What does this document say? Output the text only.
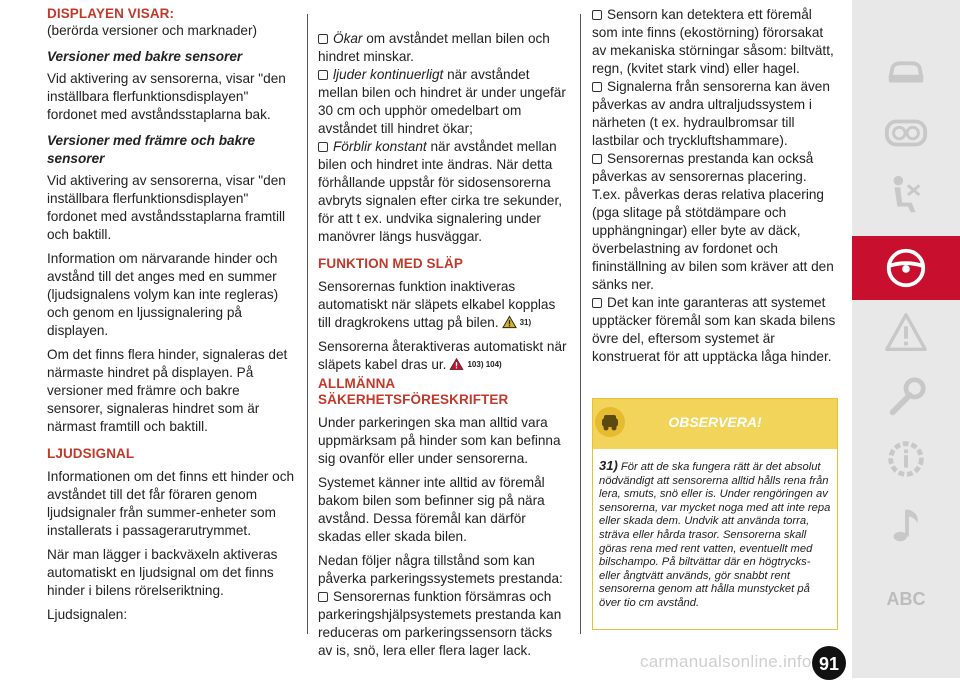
DISPLAYEN VISAR:

(berörda versioner och marknader)

Versioner med bakre sensorer

Vid aktivering av sensorerna, visar "den inställbara flerfunktionsdisplayen" fordonet med avståndsstaplarna bak.

Versioner med främre och bakre sensorer

Vid aktivering av sensorerna, visar "den inställbara flerfunktionsdisplayen" fordonet med avståndsstaplarna framtill och baktill.

Information om närvarande hinder och avstånd till det anges med en summer (ljudsignalens volym kan inte regleras) och genom en ljussignalering på displayen.

Om det finns flera hinder, signaleras det närmaste hindret på displayen. På versioner med främre och bakre sensorer, signaleras hindret som är närmast framtill och baktill.

LJUDSIGNAL

Informationen om det finns ett hinder och avståndet till det får föraren genom ljudsignaler från summer-enheter som installerats i passagerarutrymmet.

När man lägger i backväxeln aktiveras automatiskt en ljudsignal om det finns hinder i bilens rörelseriktning.

Ljudsignalen:

Ökar om avståndet mellan bilen och hindret minskar.

ljuder kontinuerligt när avståndet mellan bilen och hindret är under ungefär 30 cm och upphör omedelbart om avståndet till hindret ökar;

Förblir konstant när avståndet mellan bilen och hindret inte ändras. När detta förhållande uppstår för sidosensorerna avbryts signalen efter cirka tre sekunder, för att t ex. undvika signalering under manövrer längs husväggar.

FUNKTION MED SLÄP

Sensorernas funktion inaktiveras automatiskt när släpets elkabel kopplas till dragkrokens uttag på bilen.	31)

Sensorerna återaktiveras automatiskt när släpets kabel dras ur.	103) 104)

ALLMÄNNA
SÄKERHETSFÖRESKRIFTER

Under parkeringen ska man alltid vara uppmärksam på hinder som kan befinna sig ovanför eller under sensorerna.

Systemet känner inte alltid av föremål bakom bilen som befinner sig på nära avstånd. Dessa föremål kan därför skadas eller skada bilen.

Nedan följer några tillstånd som kan påverka parkeringssystemets prestanda:

Sensorernas funktion försämras och parkeringshjälpsystemets prestanda kan reduceras om parkeringssensorn täcks av is, snö, lera eller flera lager lack.

Sensorn kan detektera ett föremål som inte finns (ekostörning) förorsakat av mekaniska störningar såsom: biltvätt, regn, (kvitet stark vind) eller hagel.

Signalerna från sensorerna kan även påverkas av andra ultraljudssystem i närheten (t ex. hydraulbromsar till lastbilar och tryckluftshammare).

Sensorernas prestanda kan också påverkas av sensorernas placering. T.ex. påverkas deras relativa placering (pga slitage på stötdämpare och upphängningar) eller byte av däck, överbelastning av fordonet och fininställning av bilen som kräver att den sänks ner.

Det kan inte garanteras att systemet upptäcker föremål som kan skada bilens övre del, eftersom systemet är konstruerat för att upptäcka låga hinder.

OBSERVERA!

31) För att de ska fungera rätt är det absolut nödvändigt att sensorerna alltid hålls rena från lera, smuts, snö eller is. Under rengöringen av sensorerna, var mycket noga med att inte repa eller skada dem. Undvik att använda torra, sträva eller hårda trasor. Sensorerna skall göras rena med rent vatten, eventuellt med bilschampo. På biltvättar där en högtrycks- eller ångtvätt används, gör snabbt rent sensorerna genom att hålla munstycket på över tio cm avstånd.	ABC
carmanualsonline.info 91
